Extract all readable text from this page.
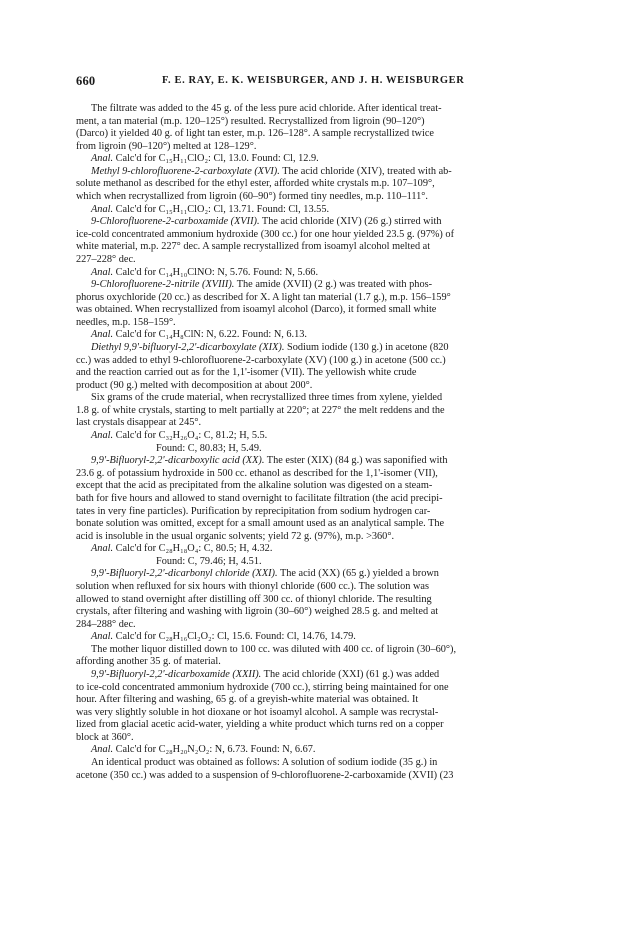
660	F. E. RAY, E. K. WEISBURGER, AND J. H. WEISBURGER
The filtrate was added to the 45 g. of the less pure acid chloride. After identical treat-
ment, a tan material (m.p. 120–125°) resulted. Recrystallized from ligroin (90–120°)
(Darco) it yielded 40 g. of light tan ester, m.p. 126–128°. A sample recrystallized twice
from ligroin (90–120°) melted at 128–129°.
Anal. Calc'd for C₁₅H₁₁ClO₂: Cl, 13.0. Found: Cl, 12.9.
Methyl 9-chlorofluorene-2-carboxylate (XVI). The acid chloride (XIV), treated with ab-
solute methanol as described for the ethyl ester, afforded white crystals m.p. 107–109°,
which when recrystallized from ligroin (60–90°) formed tiny needles, m.p. 110–111°.
Anal. Calc'd for C₁₅H₁₁ClO₂: Cl, 13.71. Found: Cl, 13.55.
9-Chlorofluorene-2-carboxamide (XVII). The acid chloride (XIV) (26 g.) stirred with
ice-cold concentrated ammonium hydroxide (300 cc.) for one hour yielded 23.5 g. (97%) of
white material, m.p. 227° dec. A sample recrystallized from isoamyl alcohol melted at
227–228° dec.
Anal. Calc'd for C₁₄H₁₀ClNO: N, 5.76. Found: N, 5.66.
9-Chlorofluorene-2-nitrile (XVIII). The amide (XVII) (2 g.) was treated with phos-
phorus oxychloride (20 cc.) as described for X. A light tan material (1.7 g.), m.p. 156–159°
was obtained. When recrystallized from isoamyl alcohol (Darco), it formed small white
needles, m.p. 158–159°.
Anal. Calc'd for C₁₄H₈ClN: N, 6.22. Found: N, 6.13.
Diethyl 9,9'-bifluoryl-2,2'-dicarboxylate (XIX). Sodium iodide (130 g.) in acetone (820
cc.) was added to ethyl 9-chlorofluorene-2-carboxylate (XV) (100 g.) in acetone (500 cc.)
and the reaction carried out as for the 1,1'-isomer (VII). The yellowish white crude
product (90 g.) melted with decomposition at about 200°.
Six grams of the crude material, when recrystallized three times from xylene, yielded
1.8 g. of white crystals, starting to melt partially at 220°; at 227° the melt reddens and the
last crystals disappear at 245°.
Anal. Calc'd for C₃₂H₂₆O₄: C, 81.2; H, 5.5.
Found: C, 80.83; H, 5.49.
9,9'-Bifluoryl-2,2'-dicarboxylic acid (XX). The ester (XIX) (84 g.) was saponified with
23.6 g. of potassium hydroxide in 500 cc. ethanol as described for the 1,1'-isomer (VII),
except that the acid as precipitated from the alkaline solution was digested on a steam-
bath for five hours and allowed to stand overnight to facilitate filtration (the acid precipi-
tates in very fine particles). Purification by reprecipitation from sodium hydrogen car-
bonate solution was omitted, except for a small amount used as an analytical sample. The
acid is insoluble in the usual organic solvents; yield 72 g. (97%), m.p. >360°.
Anal. Calc'd for C₂₈H₁₈O₄: C, 80.5; H, 4.32.
Found: C, 79.46; H, 4.51.
9,9'-Bifluoryl-2,2'-dicarbonyl chloride (XXI). The acid (XX) (65 g.) yielded a brown
solution when refluxed for six hours with thionyl chloride (600 cc.). The solution was
allowed to stand overnight after distilling off 300 cc. of thionyl chloride. The resulting
crystals, after filtering and washing with ligroin (30–60°) weighed 28.5 g. and melted at
284–288° dec.
Anal. Calc'd for C₂₈H₁₆Cl₂O₂: Cl, 15.6. Found: Cl, 14.76, 14.79.
The mother liquor distilled down to 100 cc. was diluted with 400 cc. of ligroin (30–60°),
affording another 35 g. of material.
9,9'-Bifluoryl-2,2'-dicarboxamide (XXII). The acid chloride (XXI) (61 g.) was added
to ice-cold concentrated ammonium hydroxide (700 cc.), stirring being maintained for one
hour. After filtering and washing, 65 g. of a greyish-white material was obtained. It
was very slightly soluble in hot dioxane or hot isoamyl alcohol. A sample was recrystal-
lized from glacial acetic acid-water, yielding a white product which turns red on a copper
block at 360°.
Anal. Calc'd for C₂₈H₂₀N₂O₂: N, 6.73. Found: N, 6.67.
An identical product was obtained as follows: A solution of sodium iodide (35 g.) in
acetone (350 cc.) was added to a suspension of 9-chlorofluorene-2-carboxamide (XVII) (23
